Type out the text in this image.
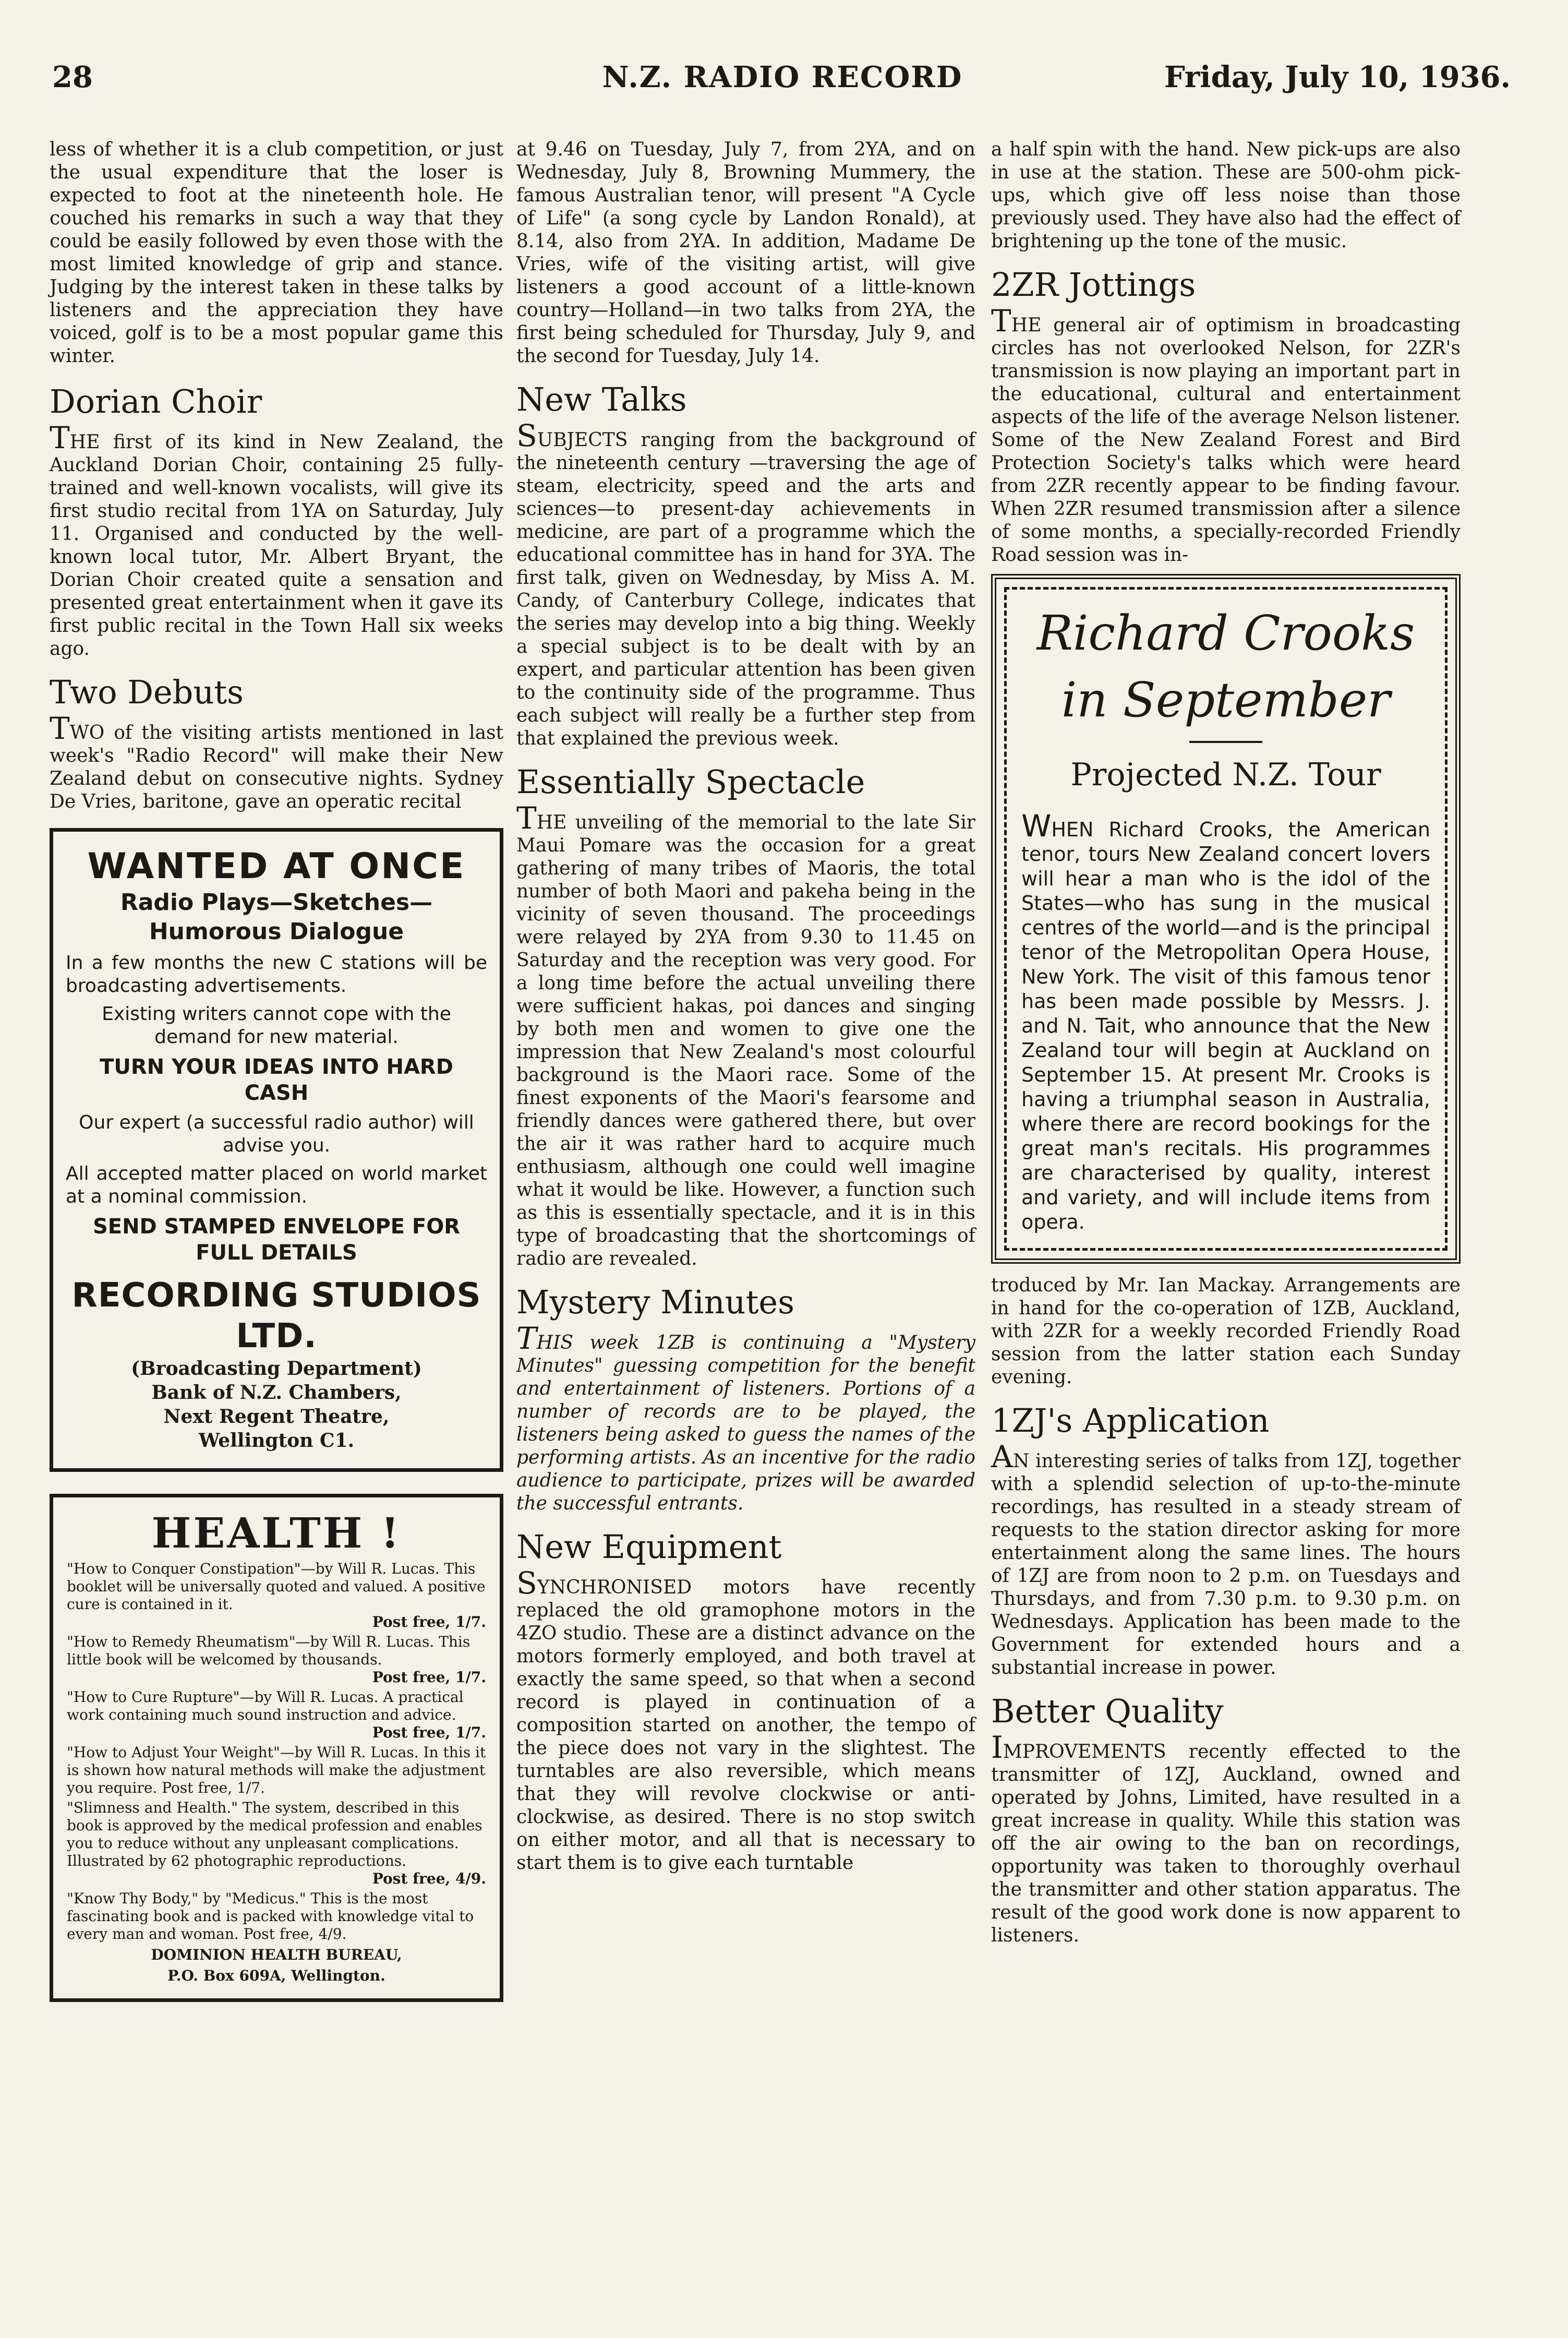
28	N.Z. RADIO RECORD	Friday, July 10, 1936.

less of whether it is a club competition, or just the usual expenditure that the loser is expected to foot at the nineteenth hole. He couched his remarks in such a way that they could be easily followed by even those with the most limited knowledge of grip and stance. Judging by the interest taken in these talks by listeners and the appreciation they have voiced, golf is to be a most popular game this winter.

Dorian Choir

THE first of its kind in New Zealand, the Auckland Dorian Choir, containing 25 fully-trained and well-known vocalists, will give its first studio recital from 1YA on Saturday, July 11. Organised and conducted by the well-known local tutor, Mr. Albert Bryant, the Dorian Choir created quite a sensation and presented great entertainment when it gave its first public recital in the Town Hall six weeks ago.

Two Debuts

TWO of the visiting artists mentioned in last week's "Radio Record" will make their New Zealand debut on consecutive nights. Sydney De Vries, baritone, gave an operatic recital

WANTED AT ONCE
Radio Plays—Sketches—
Humorous Dialogue
In a few months the new C stations will be broadcasting advertisements.
Existing writers cannot cope with the demand for new material.
TURN YOUR IDEAS INTO HARD CASH
Our expert (a successful radio author) will advise you.
All accepted matter placed on world market at a nominal commission.
SEND STAMPED ENVELOPE FOR FULL DETAILS
RECORDING STUDIOS LTD.
(Broadcasting Department)
Bank of N.Z. Chambers,
Next Regent Theatre,
Wellington C1.
HEALTH !
"How to Conquer Constipation"—by Will R. Lucas. This booklet will be universally quoted and valued. A positive cure is contained in it.
Post free, 1/7.
"How to Remedy Rheumatism"—by Will R. Lucas. This little book will be welcomed by thousands.
Post free, 1/7.
"How to Cure Rupture"—by Will R. Lucas. A practical work containing much sound instruction and advice.
Post free, 1/7.
"How to Adjust Your Weight"—by Will R. Lucas. In this it is shown how natural methods will make the adjustment you require. Post free, 1/7.
"Slimness and Health." The system, described in this book is approved by the medical profession and enables you to reduce without any unpleasant complications. Illustrated by 62 photographic reproductions.
Post free, 4/9.
"Know Thy Body," by "Medicus." This is the most fascinating book and is packed with knowledge vital to every man and woman. Post free, 4/9.
DOMINION HEALTH BUREAU,
P.O. Box 609A, Wellington.

at 9.46 on Tuesday, July 7, from 2YA, and on Wednesday, July 8, Browning Mummery, the famous Australian tenor, will present "A Cycle of Life" (a song cycle by Landon Ronald), at 8.14, also from 2YA. In addition, Madame De Vries, wife of the visiting artist, will give listeners a good account of a little-known country—Holland—in two talks from 2YA, the first being scheduled for Thursday, July 9, and the second for Tuesday, July 14.

New Talks

SUBJECTS ranging from the background of the nineteenth century —traversing the age of steam, electricity, speed and the arts and sciences—to present-day achievements in medicine, are part of a programme which the educational committee has in hand for 3YA. The first talk, given on Wednesday, by Miss A. M. Candy, of Canterbury College, indicates that the series may develop into a big thing. Weekly a special subject is to be dealt with by an expert, and particular attention has been given to the continuity side of the programme. Thus each subject will really be a further step from that explained the previous week.

Essentially Spectacle

THE unveiling of the memorial to the late Sir Maui Pomare was the occasion for a great gathering of many tribes of Maoris, the total number of both Maori and pakeha being in the vicinity of seven thousand. The proceedings were relayed by 2YA from 9.30 to 11.45 on Saturday and the reception was very good. For a long time before the actual unveiling there were sufficient hakas, poi dances and singing by both men and women to give one the impression that New Zealand's most colourful background is the Maori race. Some of the finest exponents of the Maori's fearsome and friendly dances were gathered there, but over the air it was rather hard to acquire much enthusiasm, although one could well imagine what it would be like. However, a function such as this is essentially spectacle, and it is in this type of broadcasting that the shortcomings of radio are revealed.

Mystery Minutes

THIS week 1ZB is continuing a "Mystery Minutes" guessing competition for the benefit and entertainment of listeners. Portions of a number of records are to be played, the listeners being asked to guess the names of the performing artists. As an incentive for the radio audience to participate, prizes will be awarded the successful entrants.

New Equipment

SYNCHRONISED motors have recently replaced the old gramophone motors in the 4ZO studio. These are a distinct advance on the motors formerly employed, and both travel at exactly the same speed, so that when a second record is played in continuation of a composition started on another, the tempo of the piece does not vary in the slightest. The turntables are also reversible, which means that they will revolve clockwise or anti-clockwise, as desired. There is no stop switch on either motor, and all that is necessary to start them is to give each turntable

a half spin with the hand. New pick-ups are also in use at the station. These are 500-ohm pick-ups, which give off less noise than those previously used. They have also had the effect of brightening up the tone of the music.

2ZR Jottings

THE general air of optimism in broadcasting circles has not overlooked Nelson, for 2ZR's transmission is now playing an important part in the educational, cultural and entertainment aspects of the life of the average Nelson listener. Some of the New Zealand Forest and Bird Protection Society's talks which were heard from 2ZR recently appear to be finding favour. When 2ZR resumed transmission after a silence of some months, a specially-recorded Friendly Road session was in-

Richard Crooks
in September
Projected N.Z. Tour
WHEN Richard Crooks, the American tenor, tours New Zealand concert lovers will hear a man who is the idol of the States—who has sung in the musical centres of the world—and is the principal tenor of the Metropolitan Opera House, New York. The visit of this famous tenor has been made possible by Messrs. J. and N. Tait, who announce that the New Zealand tour will begin at Auckland on September 15. At present Mr. Crooks is having a triumphal season in Australia, where there are record bookings for the great man's recitals. His programmes are characterised by quality, interest and variety, and will include items from opera.

troduced by Mr. Ian Mackay. Arrangements are in hand for the co-operation of 1ZB, Auckland, with 2ZR for a weekly recorded Friendly Road session from the latter station each Sunday evening.

1ZJ's Application

AN interesting series of talks from 1ZJ, together with a splendid selection of up-to-the-minute recordings, has resulted in a steady stream of requests to the station director asking for more entertainment along the same lines. The hours of 1ZJ are from noon to 2 p.m. on Tuesdays and Thursdays, and from 7.30 p.m. to 9.30 p.m. on Wednesdays. Application has been made to the Government for extended hours and a substantial increase in power.

Better Quality

IMPROVEMENTS recently effected to the transmitter of 1ZJ, Auckland, owned and operated by Johns, Limited, have resulted in a great increase in quality. While this station was off the air owing to the ban on recordings, opportunity was taken to thoroughly overhaul the transmitter and other station apparatus. The result of the good work done is now apparent to listeners.
